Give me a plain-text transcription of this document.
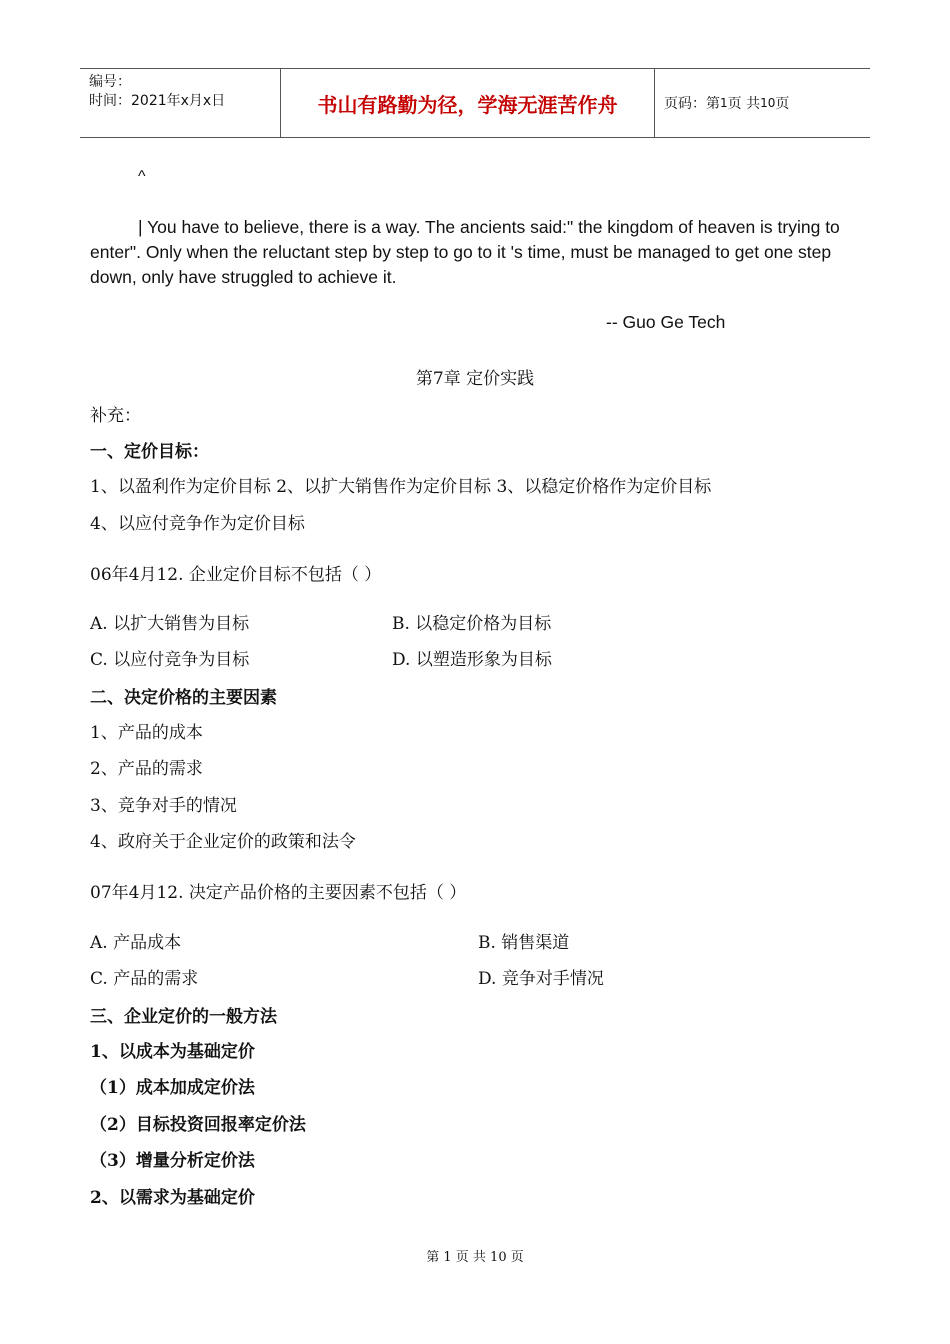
编号：
时间：2021年x月x日	书山有路勤为径，学海无涯苦作舟	页码：第 1 页 共 10 页
^
| You have to believe, there is a way. The ancients said:" the kingdom of heaven is trying to enter". Only when the reluctant step by step to go to it 's time, must be managed to get one step down, only have struggled to achieve it.
-- Guo Ge Tech
第7章 定价实践
补充：
一、定价目标：
1、以盈利作为定价目标 2、以扩大销售作为定价目标 3、以稳定价格作为定价目标
4、以应付竞争作为定价目标
06年4月12. 企业定价目标不包括（ ）
A. 以扩大销售为目标	B. 以稳定价格为目标
C. 以应付竞争为目标	D. 以塑造形象为目标
二、决定价格的主要因素
1、产品的成本
2、产品的需求
3、竞争对手的情况
4、政府关于企业定价的政策和法令
07年4月12. 决定产品价格的主要因素不包括（ ）
A. 产品成本	B. 销售渠道
C. 产品的需求	D. 竞争对手情况
三、企业定价的一般方法
1、以成本为基础定价
（1）成本加成定价法
（2）目标投资回报率定价法
（3）增量分析定价法
2、以需求为基础定价
第 1 页 共 10 页
